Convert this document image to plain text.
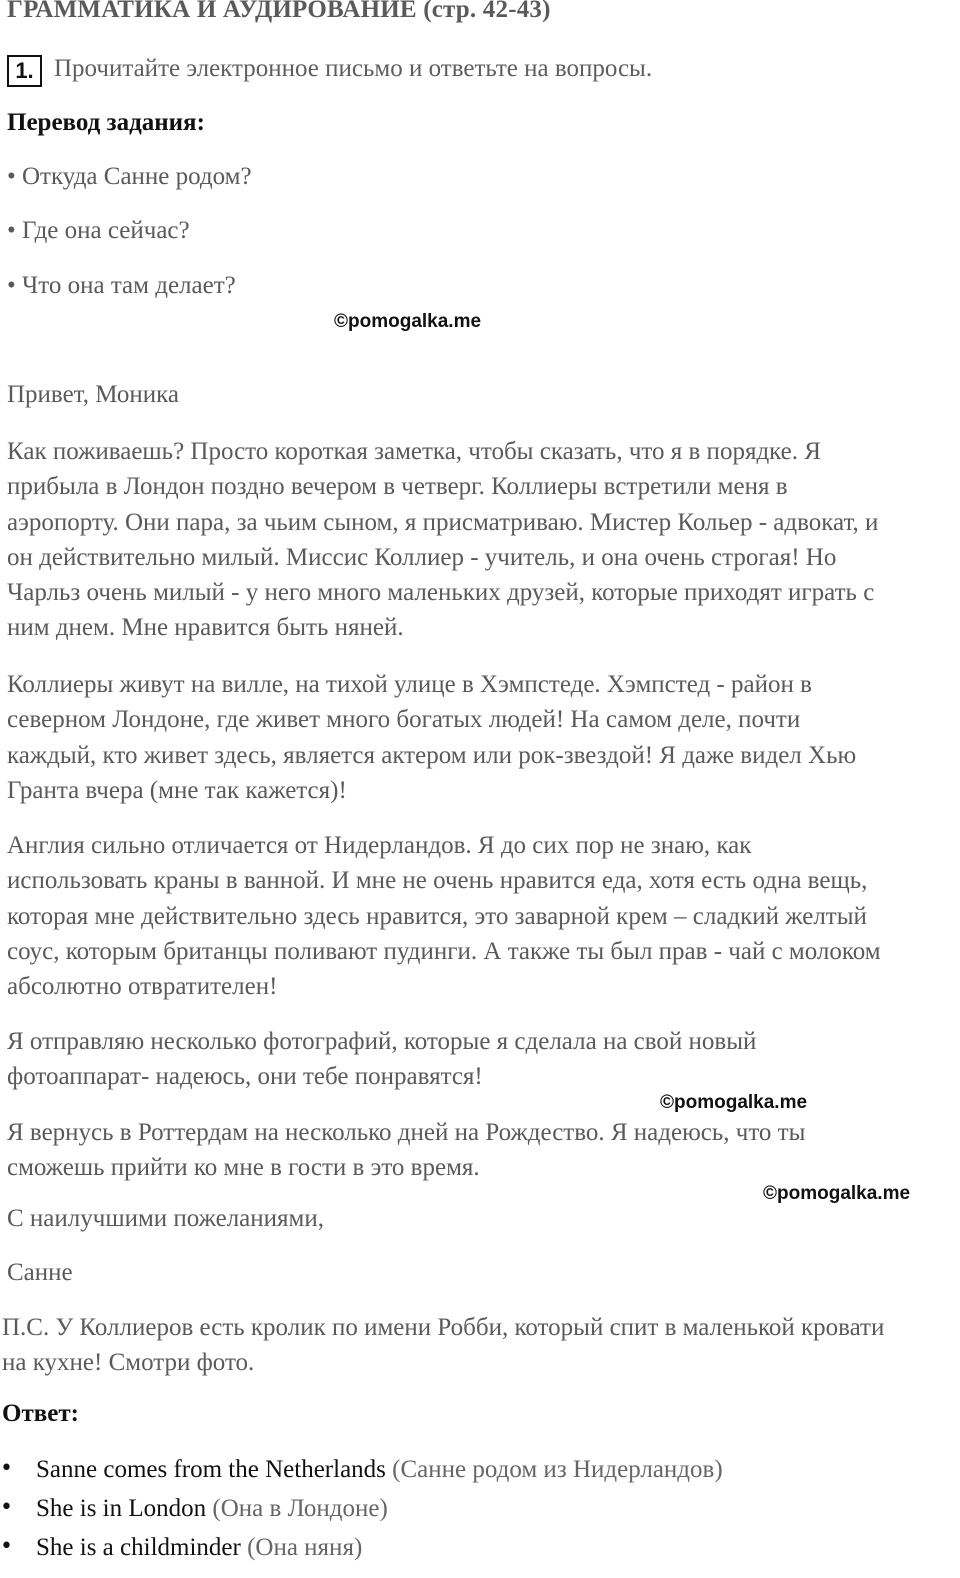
ГРАММАТИКА И АУДИРОВАНИЕ (стр. 42-43)
1. Прочитайте электронное письмо и ответьте на вопросы.
Перевод задания:
• Откуда Санне родом?
• Где она сейчас?
• Что она там делает?
©pomogalka.me
Привет, Моника
Как поживаешь? Просто короткая заметка, чтобы сказать, что я в порядке. Я
прибыла в Лондон поздно вечером в четверг. Коллиеры встретили меня в
аэропорту. Они пара, за чьим сыном, я присматриваю. Мистер Кольер - адвокат, и
он действительно милый. Миссис Коллиер - учитель, и она очень строгая! Но
Чарльз очень милый - у него много маленьких друзей, которые приходят играть с
ним днем. Мне нравится быть няней.
Коллиеры живут на вилле, на тихой улице в Хэмпстеде. Хэмпстед - район в
северном Лондоне, где живет много богатых людей! На самом деле, почти
каждый, кто живет здесь, является актером или рок-звездой! Я даже видел Хью
Гранта вчера (мне так кажется)!
Англия сильно отличается от Нидерландов. Я до сих пор не знаю, как
использовать краны в ванной. И мне не очень нравится еда, хотя есть одна вещь,
которая мне действительно здесь нравится, это заварной крем – сладкий желтый
соус, которым британцы поливают пудинги. А также ты был прав - чай с молоком
абсолютно отвратителен!
Я отправляю несколько фотографий, которые я сделала на свой новый
фотоаппарат- надеюсь, они тебе понравятся!
©pomogalka.me
Я вернусь в Роттердам на несколько дней на Рождество. Я надеюсь, что ты
сможешь прийти ко мне в гости в это время.
©pomogalka.me
С наилучшими пожеланиями,
Санне
П.С. У Коллиеров есть кролик по имени Робби, который спит в маленькой кровати
на кухне! Смотри фото.
Ответ:
• Sanne comes from the Netherlands (Санне родом из Нидерландов)
• She is in London (Она в Лондоне)
• She is a childminder (Она няня)
